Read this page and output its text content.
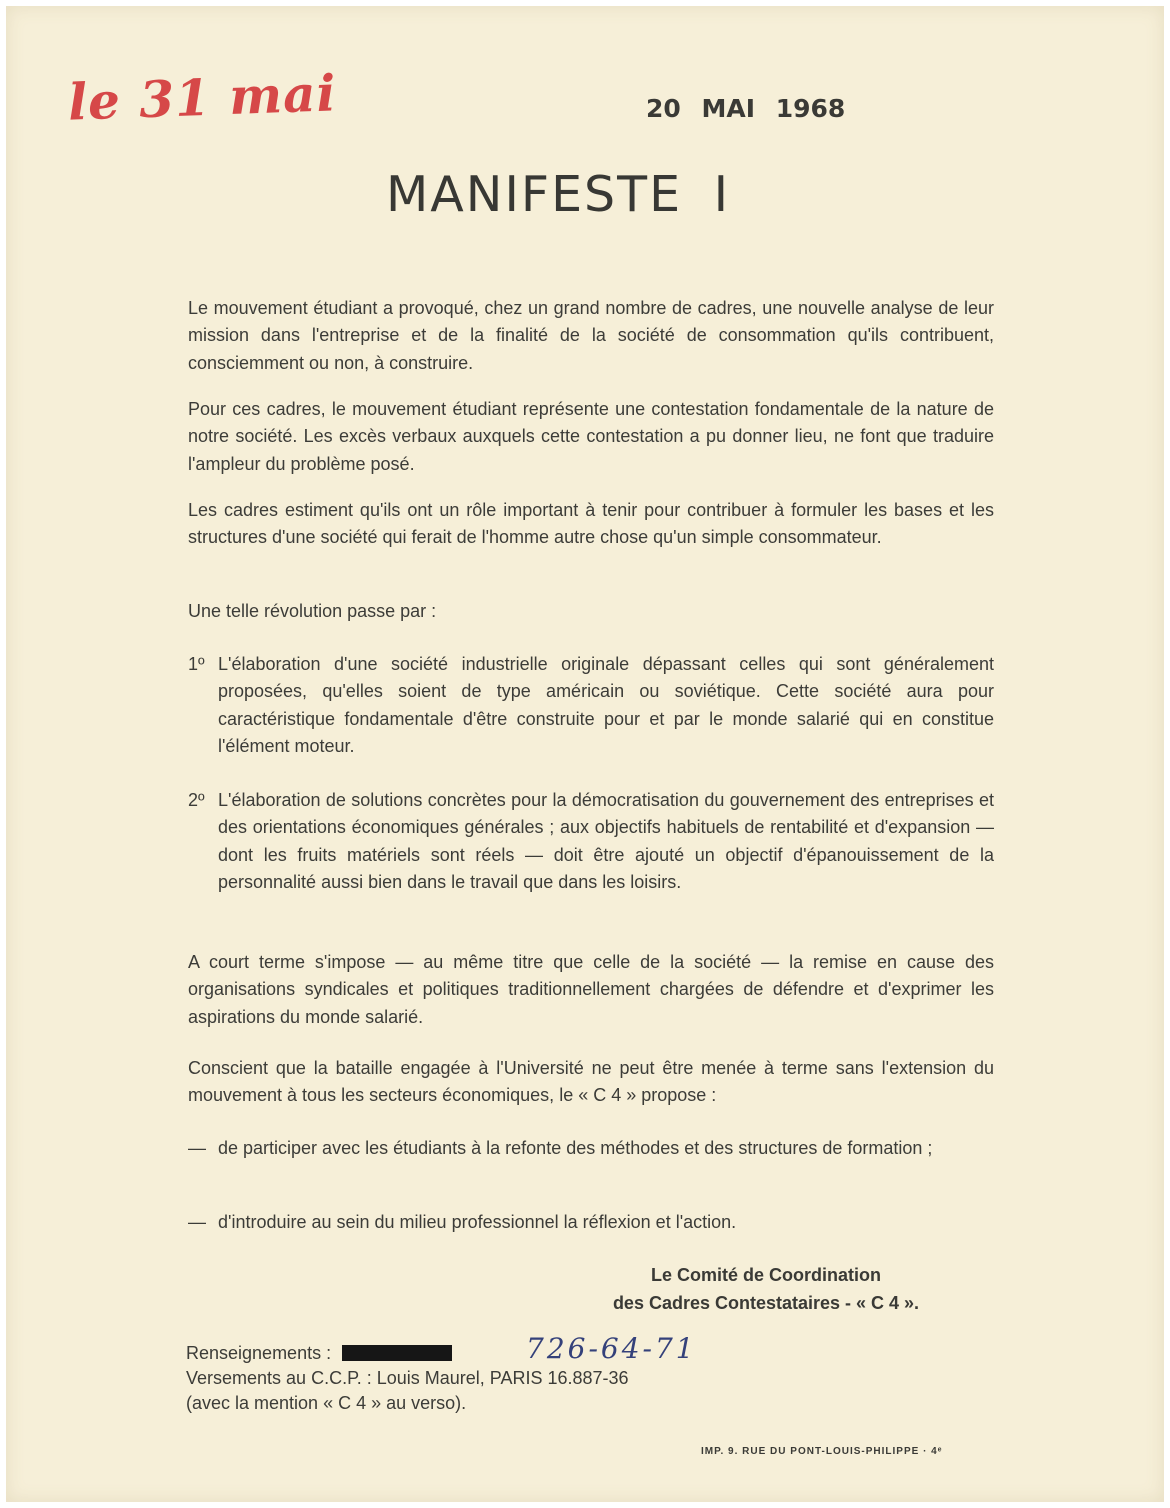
le 31 mai	20 MAI 1968
MANIFESTE I

Le mouvement étudiant a provoqué, chez un grand nombre de cadres, une nouvelle analyse de leur mission dans l'entreprise et de la finalité de la société de consommation qu'ils contribuent, consciemment ou non, à construire.

Pour ces cadres, le mouvement étudiant représente une contestation fondamentale de la nature de notre société. Les excès verbaux auxquels cette contestation a pu donner lieu, ne font que traduire l'ampleur du problème posé.

Les cadres estiment qu'ils ont un rôle important à tenir pour contribuer à formuler les bases et les structures d'une société qui ferait de l'homme autre chose qu'un simple consommateur.

Une telle révolution passe par :

1º L'élaboration d'une société industrielle originale dépassant celles qui sont généralement proposées, qu'elles soient de type américain ou soviétique. Cette société aura pour caractéristique fondamentale d'être construite pour et par le monde salarié qui en constitue l'élément moteur.
2º L'élaboration de solutions concrètes pour la démocratisation du gouvernement des entreprises et des orientations économiques générales ; aux objectifs habituels de rentabilité et d'expansion — dont les fruits matériels sont réels — doit être ajouté un objectif d'épanouissement de la personnalité aussi bien dans le travail que dans les loisirs.

A court terme s'impose — au même titre que celle de la société — la remise en cause des organisations syndicales et politiques traditionnellement chargées de défendre et d'exprimer les aspirations du monde salarié.

Conscient que la bataille engagée à l'Université ne peut être menée à terme sans l'extension du mouvement à tous les secteurs économiques, le « C 4 » propose :

— de participer avec les étudiants à la refonte des méthodes et des structures de formation ;
— d'introduire au sein du milieu professionnel la réflexion et l'action.
Le Comité de Coordination
des Cadres Contestataires - « C 4 ».
Renseignements :
Versements au C.C.P. : Louis Maurel, PARIS 16.887-36
(avec la mention « C 4 » au verso).
726-64-71
IMP. 9. RUE DU PONT-LOUIS-PHILIPPE · 4ᵉ
